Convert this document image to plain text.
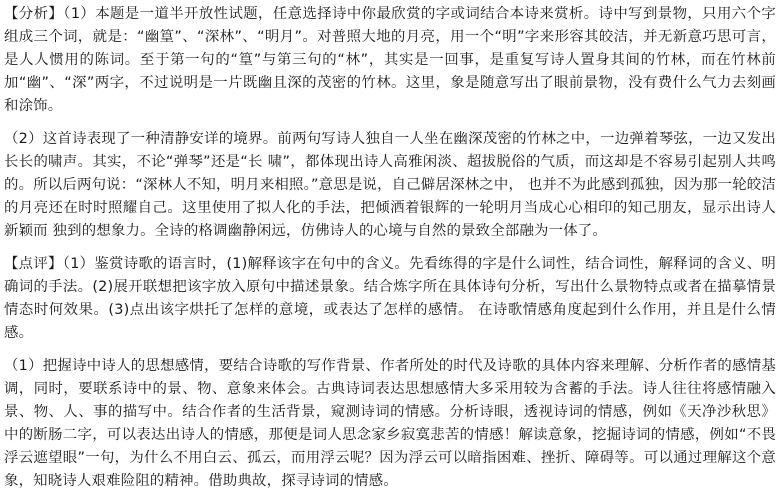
【分析】（1）本题是一道半开放性试题，任意选择诗中你最欣赏的字或词结合本诗来赏析。诗中写到景物，只用六个字组成三个词，就是：“幽篁”、“深林”、“明月”。对普照大地的月亮，用一个“明”字来形容其皎洁，并无新意巧思可言，是人人惯用的陈词。至于第一句的“篁”与第三句的“林”，其实是一回事，是重复写诗人置身其间的竹林，而在竹林前加“幽”、“深”两字，不过说明是一片既幽且深的茂密的竹林。这里，象是随意写出了眼前景物，没有费什么气力去刻画和涂饰。

（2）这首诗表现了一种清静安详的境界。前两句写诗人独自一人坐在幽深茂密的竹林之中，一边弹着琴弦，一边又发出长长的啸声。其实，不论“弹琴”还是“长 啸”，都体现出诗人高雅闲淡、超拔脱俗的气质，而这却是不容易引起别人共鸣的。所以后两句说：“深林人不知，明月来相照。”意思是说，自己僻居深林之中， 也并不为此感到孤独，因为那一轮皎洁的月亮还在时时照耀自己。这里使用了拟人化的手法，把倾洒着银辉的一轮明月当成心心相印的知己朋友，显示出诗人新颖而 独到的想象力。全诗的格调幽静闲远，仿佛诗人的心境与自然的景致全部融为一体了。

【点评】（1）鉴赏诗歌的语言时，(1)解释该字在句中的含义。先看练得的字是什么词性，结合词性，解释词的含义、明确词的手法。(2)展开联想把该字放入原句中描述景象。结合炼字所在具体诗句分析，写出什么景物特点或者在描摹情景情态时何效果。(3)点出该字烘托了怎样的意境，或表达了怎样的感情。 在诗歌情感角度起到什么作用，并且是什么情感。

（1）把握诗中诗人的思想感情，要结合诗歌的写作背景、作者所处的时代及诗歌的具体内容来理解、分析作者的感情基调，同时，要联系诗中的景、物、意象来体会。古典诗词表达思想感情大多采用较为含蓄的手法。诗人往往将感情融入景、物、人、事的描写中。结合作者的生活背景，窥测诗词的情感。分析诗眼，透视诗词的情感，例如《天净沙秋思》中的断肠二字，可以表达出诗人的情感，那便是词人思念家乡寂寞悲苦的情感！解读意象，挖掘诗词的情感，例如“不畏浮云遮望眼”一句，为什么不用白云、孤云，而用浮云呢？因为浮云可以暗指困难、挫折、障碍等。可以通过理解这个意象，知晓诗人艰难险阻的精神。借助典故，探寻诗词的情感。
